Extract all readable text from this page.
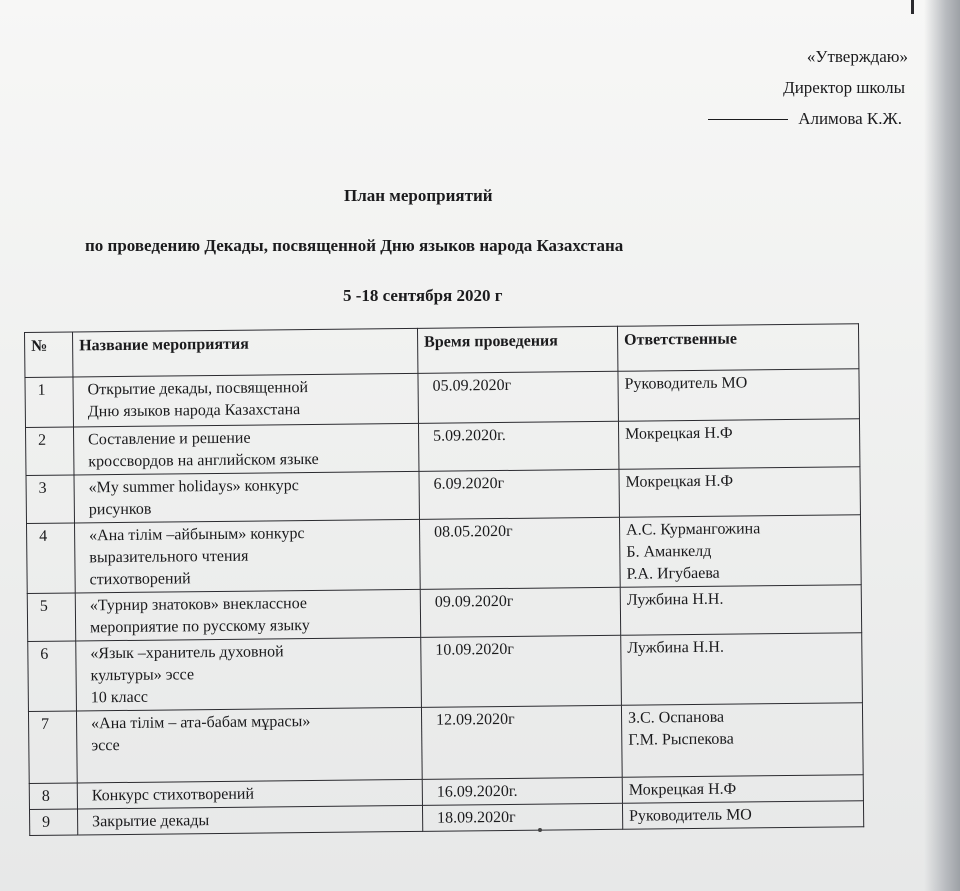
«Утверждаю»
Директор школы
Алимова К.Ж.
План мероприятий
по проведению Декады, посвященной Дню языков народа Казахстана
5 -18 сентября 2020 г
№	Название мероприятия	Время проведения	Ответственные
1	Открытие декады, посвященной
Дню языков народа Казахстана	05.09.2020г	Руководитель МО
2	Составление и решение
кроссвордов на английском языке	5.09.2020г.	Мокрецкая Н.Ф
3	«My summer holidays» конкурс
рисунков	6.09.2020г	Мокрецкая Н.Ф
4	«Ана тілім –айбыным» конкурс
выразительного чтения
стихотворений	08.05.2020г	А.С. Курмангожина
Б. Аманкелд
Р.А. Игубаева
5	«Турнир знатоков» внеклассное
мероприятие по русскому языку	09.09.2020г	Лужбина Н.Н.
6	«Язык –хранитель духовной
культуры» эссе
10 класс	10.09.2020г	Лужбина Н.Н.
7	«Ана тілім – ата-бабам мұрасы»
эссе	12.09.2020г	З.С. Оспанова
Г.М. Рыспекова
8	Конкурс стихотворений	16.09.2020г.	Мокрецкая Н.Ф
9	Закрытие декады	18.09.2020г	Руководитель МО
